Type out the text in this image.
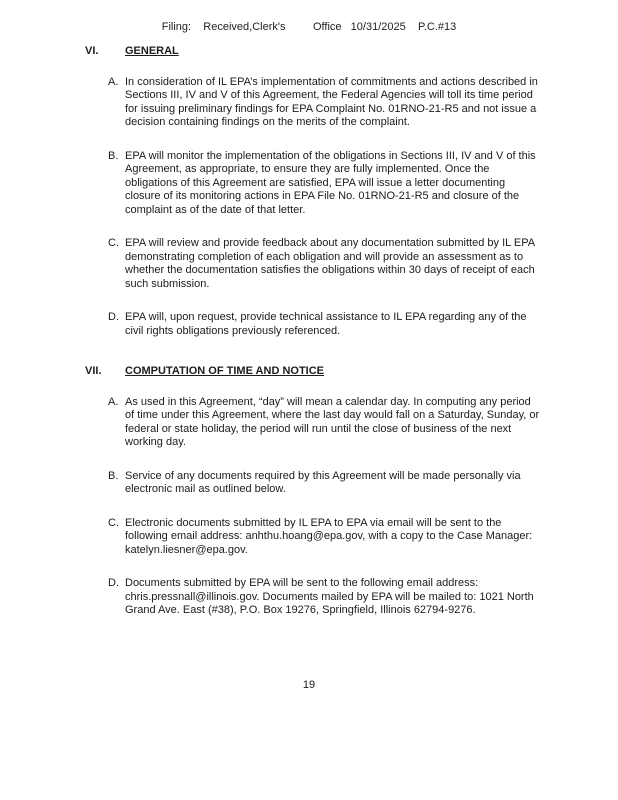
Filing:    Received,Clerk's         Office   10/31/2025    P.C.#13
VI.	GENERAL
A. In consideration of IL EPA’s implementation of commitments and actions described in Sections III, IV and V of this Agreement, the Federal Agencies will toll its time period for issuing preliminary findings for EPA Complaint No. 01RNO-21-R5 and not issue a decision containing findings on the merits of the complaint.
B. EPA will monitor the implementation of the obligations in Sections III, IV and V of this Agreement, as appropriate, to ensure they are fully implemented. Once the obligations of this Agreement are satisfied, EPA will issue a letter documenting closure of its monitoring actions in EPA File No. 01RNO-21-R5 and closure of the complaint as of the date of that letter.
C. EPA will review and provide feedback about any documentation submitted by IL EPA demonstrating completion of each obligation and will provide an assessment as to whether the documentation satisfies the obligations within 30 days of receipt of each such submission.
D. EPA will, upon request, provide technical assistance to IL EPA regarding any of the civil rights obligations previously referenced.
VII.	COMPUTATION OF TIME AND NOTICE
A. As used in this Agreement, “day” will mean a calendar day. In computing any period of time under this Agreement, where the last day would fall on a Saturday, Sunday, or federal or state holiday, the period will run until the close of business of the next working day.
B. Service of any documents required by this Agreement will be made personally via electronic mail as outlined below.
C. Electronic documents submitted by IL EPA to EPA via email will be sent to the following email address: anhthu.hoang@epa.gov, with a copy to the Case Manager: katelyn.liesner@epa.gov.
D. Documents submitted by EPA will be sent to the following email address: chris.pressnall@illinois.gov. Documents mailed by EPA will be mailed to: 1021 North Grand Ave. East (#38), P.O. Box 19276, Springfield, Illinois 62794-9276.
19
